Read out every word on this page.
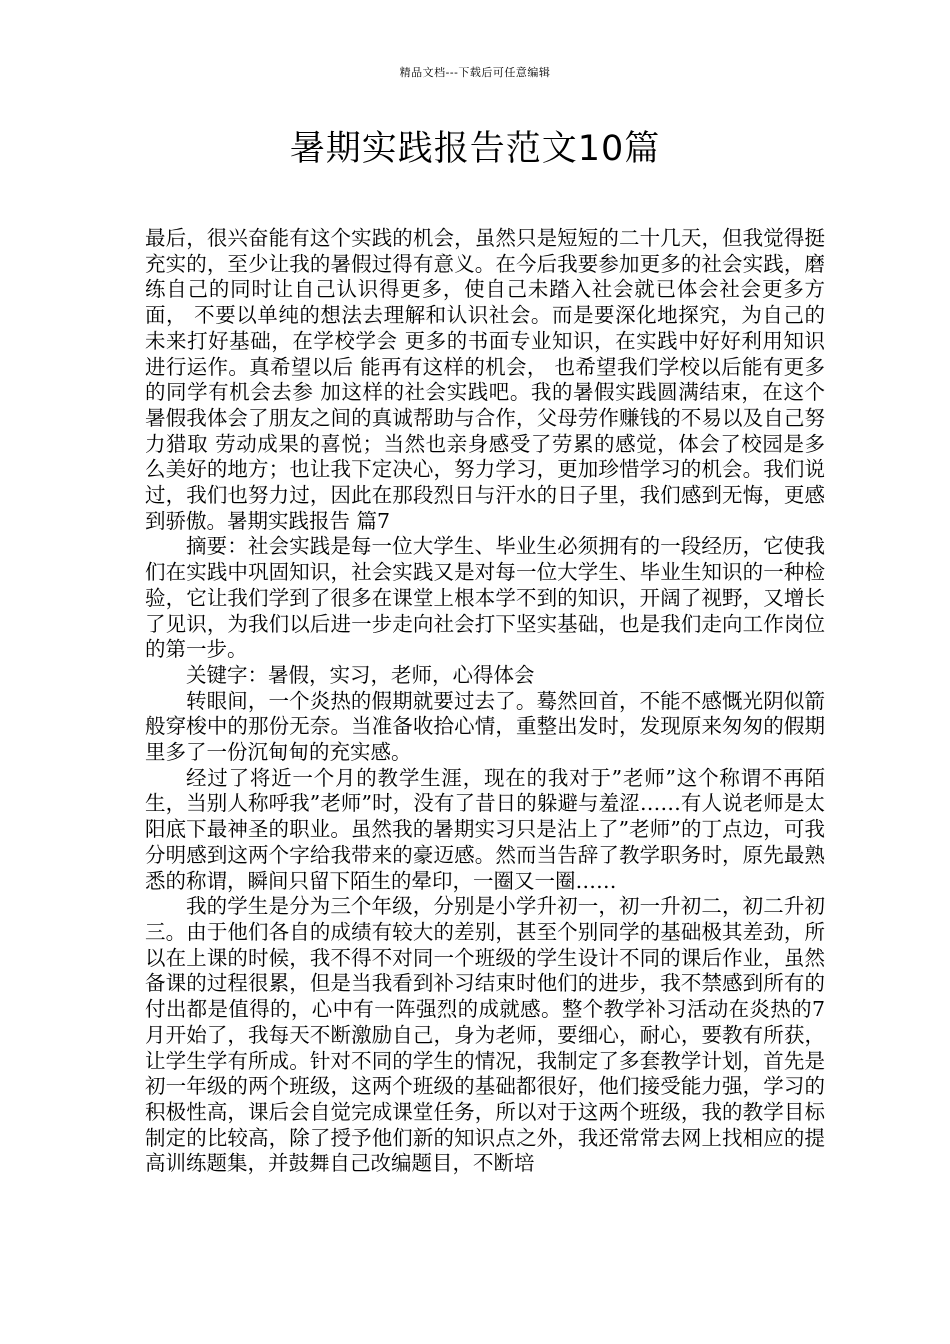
精品文档---下载后可任意编辑
暑期实践报告范文10篇

最后，很兴奋能有这个实践的机会，虽然只是短短的二十几天，但我觉得挺充实的，至少让我的暑假过得有意义。在今后我要参加更多的社会实践，磨练自己的同时让自己认识得更多，使自己未踏入社会就已体会社会更多方面， 不要以单纯的想法去理解和认识社会。而是要深化地探究，为自己的未来打好基础，在学校学会 更多的书面专业知识，在实践中好好利用知识进行运作。真希望以后 能再有这样的机会， 也希望我们学校以后能有更多的同学有机会去参 加这样的社会实践吧。我的暑假实践圆满结束，在这个暑假我体会了朋友之间的真诚帮助与合作，父母劳作赚钱的不易以及自己努力猎取 劳动成果的喜悦；当然也亲身感受了劳累的感觉，体会了校园是多么美好的地方；也让我下定决心，努力学习，更加珍惜学习的机会。我们说过，我们也努力过，因此在那段烈日与汗水的日子里，我们感到无悔，更感到骄傲。暑期实践报告 篇7

摘要：社会实践是每一位大学生、毕业生必须拥有的一段经历，它使我们在实践中巩固知识，社会实践又是对每一位大学生、毕业生知识的一种检验，它让我们学到了很多在课堂上根本学不到的知识，开阔了视野，又增长了见识，为我们以后进一步走向社会打下坚实基础，也是我们走向工作岗位的第一步。

关键字：暑假，实习，老师，心得体会

转眼间，一个炎热的假期就要过去了。蓦然回首，不能不感慨光阴似箭般穿梭中的那份无奈。当准备收拾心情，重整出发时，发现原来匆匆的假期里多了一份沉甸甸的充实感。

经过了将近一个月的教学生涯，现在的我对于”老师”这个称谓不再陌生，当别人称呼我”老师”时，没有了昔日的躲避与羞涩……有人说老师是太阳底下最神圣的职业。虽然我的暑期实习只是沾上了”老师”的丁点边，可我分明感到这两个字给我带来的豪迈感。然而当告辞了教学职务时，原先最熟悉的称谓，瞬间只留下陌生的晕印，一圈又一圈……

我的学生是分为三个年级，分别是小学升初一，初一升初二，初二升初三。由于他们各自的成绩有较大的差别，甚至个别同学的基础极其差劲，所以在上课的时候，我不得不对同一个班级的学生设计不同的课后作业，虽然备课的过程很累，但是当我看到补习结束时他们的进步，我不禁感到所有的付出都是值得的，心中有一阵强烈的成就感。整个教学补习活动在炎热的7月开始了，我每天不断激励自己，身为老师，要细心，耐心，要教有所获，让学生学有所成。针对不同的学生的情况，我制定了多套教学计划，首先是初一年级的两个班级，这两个班级的基础都很好，他们接受能力强，学习的积极性高，课后会自觉完成课堂任务，所以对于这两个班级，我的教学目标制定的比较高，除了授予他们新的知识点之外，我还常常去网上找相应的提高训练题集，并鼓舞自己改编题目，不断培
